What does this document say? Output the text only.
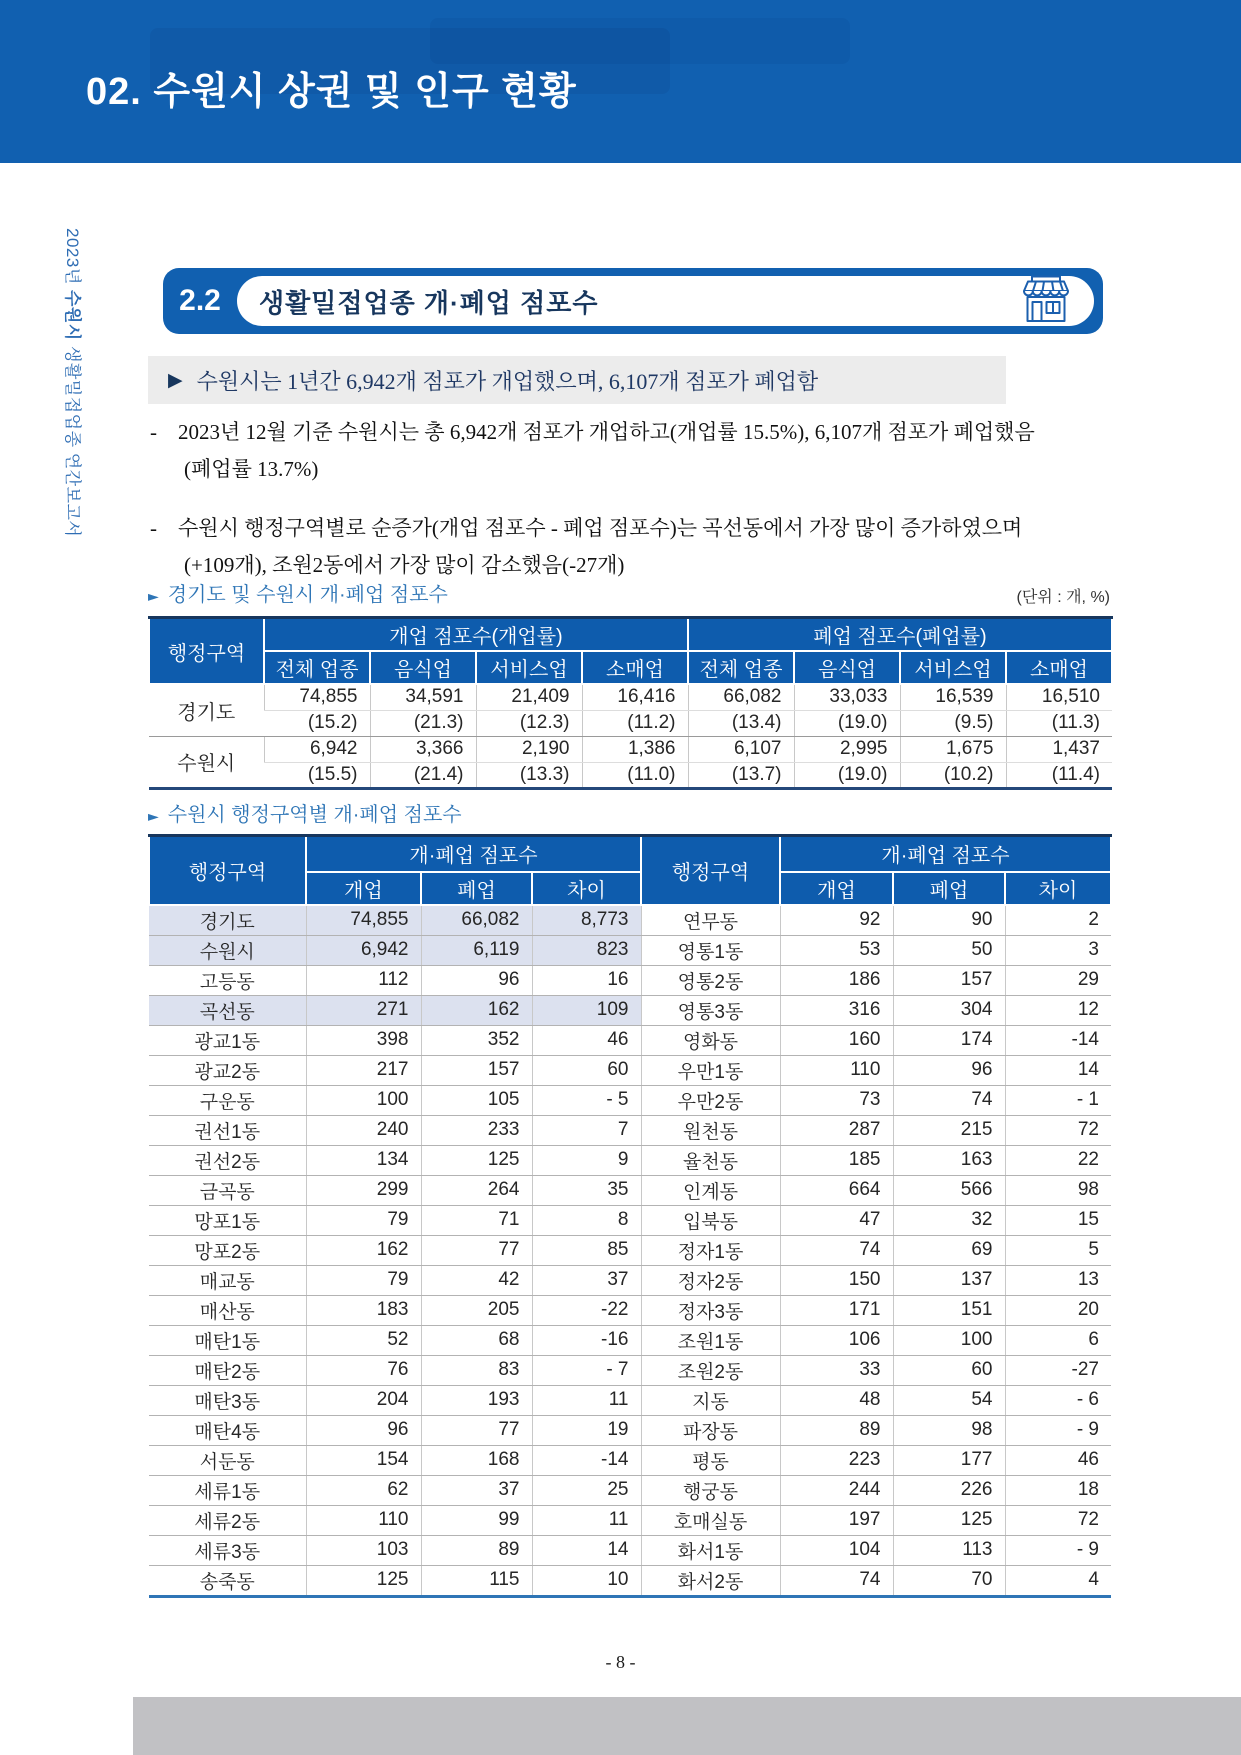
02. 수원시 상권 및 인구 현황
2023년 수원시 생활밀접업종 연간보고서
2.2	생활밀접업종 개·폐업 점포수
▶ 수원시는 1년간 6,942개 점포가 개업했으며, 6,107개 점포가 폐업함
-	2023년 12월 기준 수원시는 총 6,942개 점포가 개업하고(개업률 15.5%), 6,107개 점포가 폐업했음
(폐업률 13.7%)
-	수원시 행정구역별로 순증가(개업 점포수 - 폐업 점포수)는 곡선동에서 가장 많이 증가하였으며
(+109개), 조원2동에서 가장 많이 감소했음(-27개)
► 경기도 및 수원시 개·폐업 점포수	(단위 : 개, %)
행정구역	개업 점포수(개업률)				폐업 점포수(폐업률)			
	전체 업종	음식업	서비스업	소매업	전체 업종	음식업	서비스업	소매업
경기도	74,855	34,591	21,409	16,416	66,082	33,033	16,539	16,510
	(15.2)	(21.3)	(12.3)	(11.2)	(13.4)	(19.0)	(9.5)	(11.3)
수원시	6,942	3,366	2,190	1,386	6,107	2,995	1,675	1,437
	(15.5)	(21.4)	(13.3)	(11.0)	(13.7)	(19.0)	(10.2)	(11.4)
► 수원시 행정구역별 개·폐업 점포수
행정구역	개·폐업 점포수			행정구역	개·폐업 점포수		
	개업	폐업	차이		개업	폐업	차이
경기도	74,855	66,082	8,773	연무동	92	90	2
수원시	6,942	6,119	823	영통1동	53	50	3
고등동	112	96	16	영통2동	186	157	29
곡선동	271	162	109	영통3동	316	304	12
광교1동	398	352	46	영화동	160	174	-14
광교2동	217	157	60	우만1동	110	96	14
구운동	100	105	- 5	우만2동	73	74	- 1
권선1동	240	233	7	원천동	287	215	72
권선2동	134	125	9	율천동	185	163	22
금곡동	299	264	35	인계동	664	566	98
망포1동	79	71	8	입북동	47	32	15
망포2동	162	77	85	정자1동	74	69	5
매교동	79	42	37	정자2동	150	137	13
매산동	183	205	-22	정자3동	171	151	20
매탄1동	52	68	-16	조원1동	106	100	6
매탄2동	76	83	- 7	조원2동	33	60	-27
매탄3동	204	193	11	지동	48	54	- 6
매탄4동	96	77	19	파장동	89	98	- 9
서둔동	154	168	-14	평동	223	177	46
세류1동	62	37	25	행궁동	244	226	18
세류2동	110	99	11	호매실동	197	125	72
세류3동	103	89	14	화서1동	104	113	- 9
송죽동	125	115	10	화서2동	74	70	4
- 8 -
